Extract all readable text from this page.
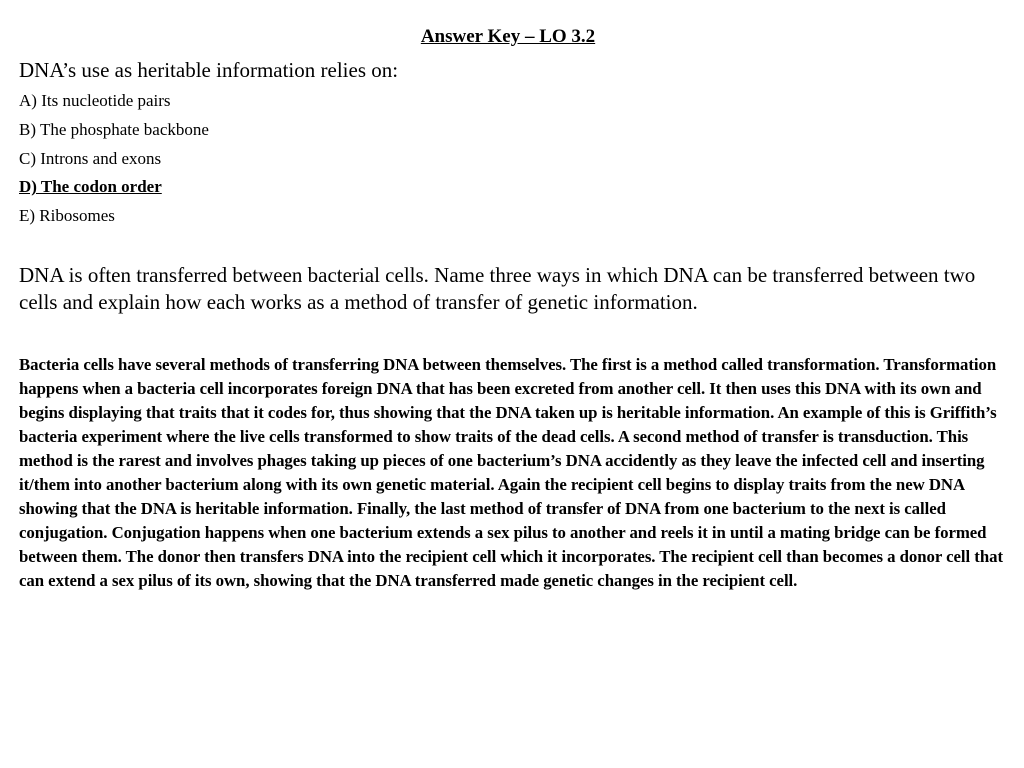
Answer Key – LO 3.2
DNA’s use as heritable information relies on:
A) Its nucleotide pairs
B) The phosphate backbone
C) Introns and exons
D) The codon order
E) Ribosomes
DNA is often transferred between bacterial cells. Name three ways in which DNA can be transferred between two cells and explain how each works as a method of transfer of genetic information.
Bacteria cells have several methods of transferring DNA between themselves. The first is a method called transformation. Transformation happens when a bacteria cell incorporates foreign DNA that has been excreted from another cell. It then uses this DNA with its own and begins displaying that traits that it codes for, thus showing that the DNA taken up is heritable information. An example of this is Griffith’s bacteria experiment where the live cells transformed to show traits of the dead cells. A second method of transfer is transduction. This method is the rarest and involves phages taking up pieces of one bacterium’s DNA accidently as they leave the infected cell and inserting it/them into another bacterium along with its own genetic material. Again the recipient cell begins to display traits from the new DNA showing that the DNA is heritable information. Finally, the last method of transfer of DNA from one bacterium to the next is called conjugation. Conjugation happens when one bacterium extends a sex pilus to another and reels it in until a mating bridge can be formed between them. The donor then transfers DNA into the recipient cell which it incorporates. The recipient cell than becomes a donor cell that can extend a sex pilus of its own, showing that the DNA transferred made genetic changes in the recipient cell.
